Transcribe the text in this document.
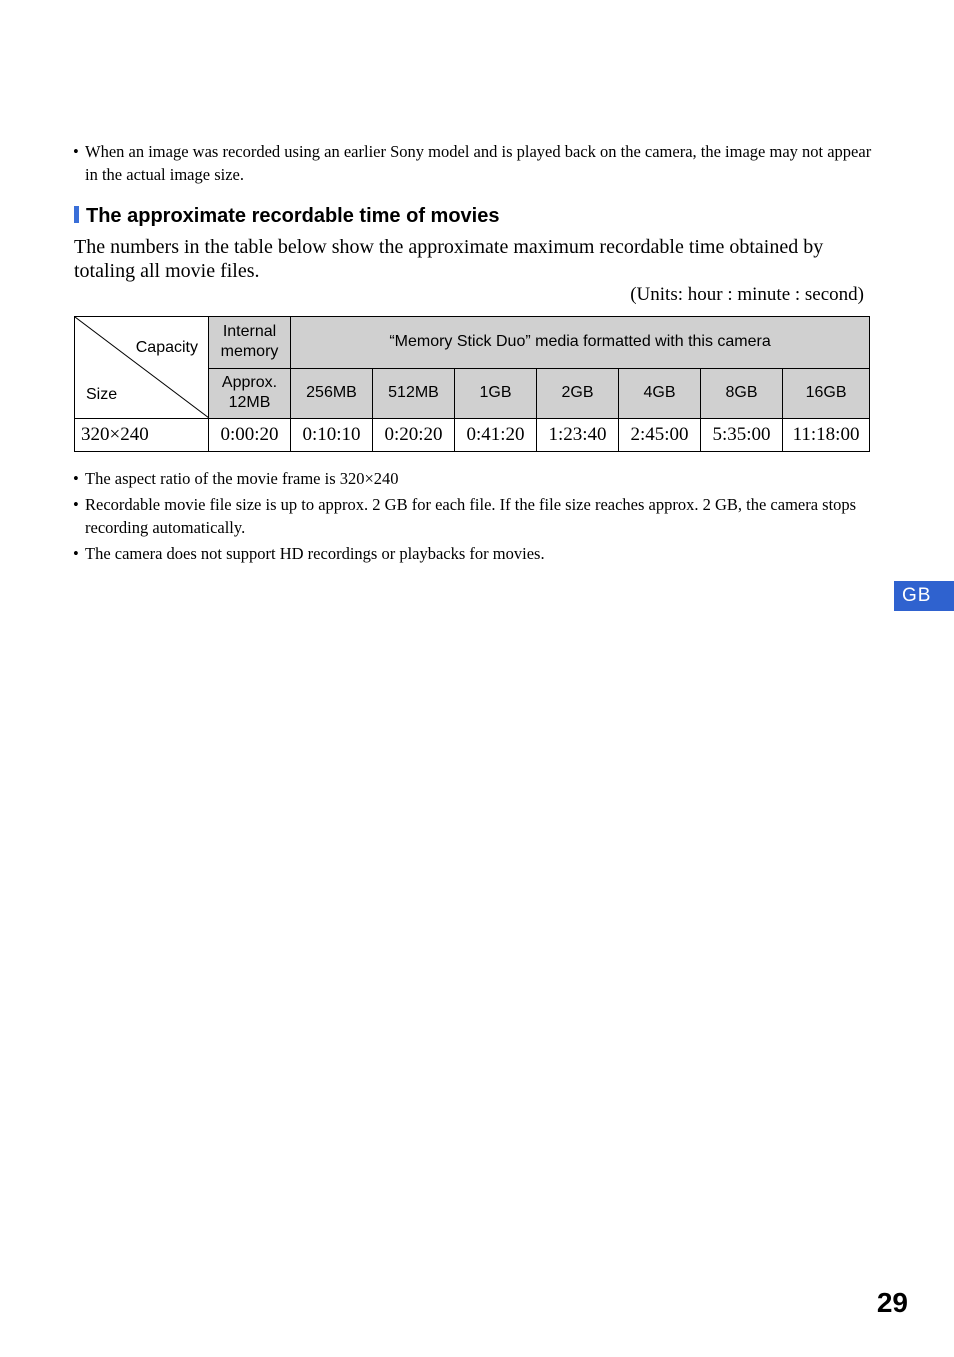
• When an image was recorded using an earlier Sony model and is played back on the camera, the image may not appear in the actual image size.
The approximate recordable time of movies
The numbers in the table below show the approximate maximum recordable time obtained by totaling all movie files.
(Units: hour : minute : second)
Capacity
Size	Internal memory	“Memory Stick Duo” media formatted with this camera						
	Approx. 12MB	256MB	512MB	1GB	2GB	4GB	8GB	16GB
320×240	0:00:20	0:10:10	0:20:20	0:41:20	1:23:40	2:45:00	5:35:00	11:18:00
• The aspect ratio of the movie frame is 320×240
• Recordable movie file size is up to approx. 2 GB for each file. If the file size reaches approx. 2 GB, the camera stops recording automatically.
• The camera does not support HD recordings or playbacks for movies.
GB
29
